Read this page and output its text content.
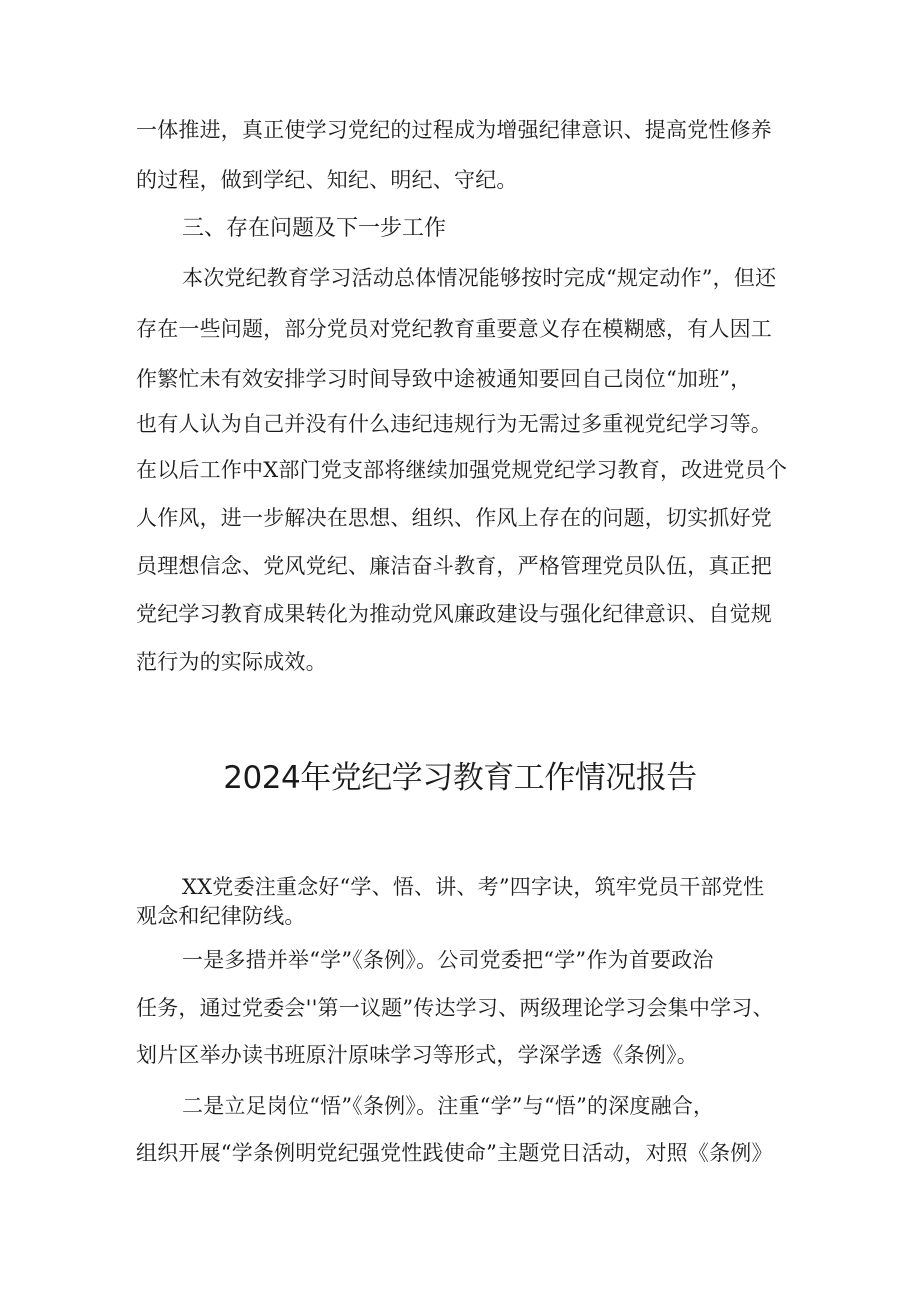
一体推进，真正使学习党纪的过程成为增强纪律意识、提高党性修养
的过程，做到学纪、知纪、明纪、守纪。
三、存在问题及下一步工作
本次党纪教育学习活动总体情况能够按时完成“规定动作”，但还
存在一些问题，部分党员对党纪教育重要意义存在模糊感，有人因工
作繁忙未有效安排学习时间导致中途被通知要回自己岗位“加班”，
也有人认为自己并没有什么违纪违规行为无需过多重视党纪学习等。
在以后工作中X部门党支部将继续加强党规党纪学习教育，改进党员个
人作风，进一步解决在思想、组织、作风上存在的问题，切实抓好党
员理想信念、党风党纪、廉洁奋斗教育，严格管理党员队伍，真正把
党纪学习教育成果转化为推动党风廉政建设与强化纪律意识、自觉规
范行为的实际成效。
2024年党纪学习教育工作情况报告
XX党委注重念好“学、悟、讲、考”四字诀，筑牢党员干部党性
观念和纪律防线。
一是多措并举“学”《条例》。公司党委把“学”作为首要政治
任务，通过党委会''第一议题”传达学习、两级理论学习会集中学习、
划片区举办读书班原汁原味学习等形式，学深学透《条例》。
二是立足岗位“悟”《条例》。注重“学”与“悟”的深度融合，
组织开展“学条例明党纪强党性践使命”主题党日活动，对照《条例》
